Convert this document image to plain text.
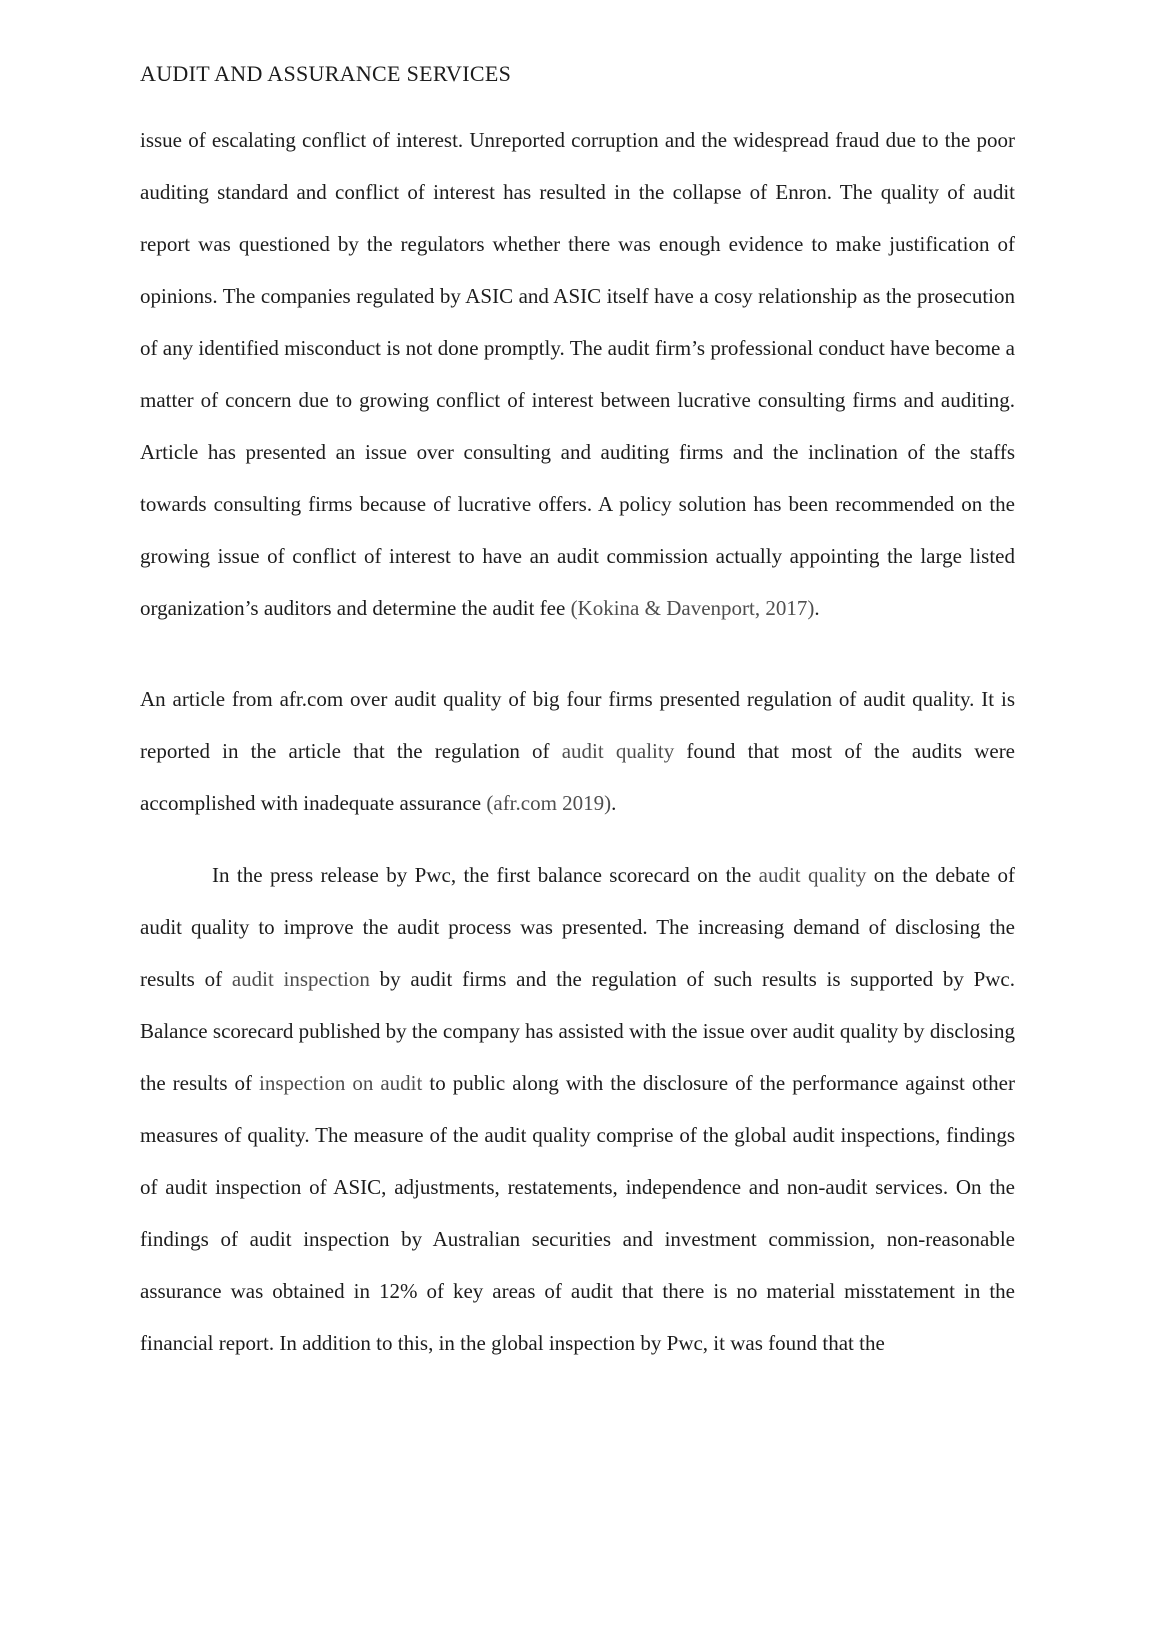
AUDIT AND ASSURANCE SERVICES

issue of escalating conflict of interest. Unreported corruption and the widespread fraud due to the poor auditing standard and conflict of interest has resulted in the collapse of Enron. The quality of audit report was questioned by the regulators whether there was enough evidence to make justification of opinions. The companies regulated by ASIC and ASIC itself have a cosy relationship as the prosecution of any identified misconduct is not done promptly. The audit firm’s professional conduct have become a matter of concern due to growing conflict of interest between lucrative consulting firms and auditing. Article has presented an issue over consulting and auditing firms and the inclination of the staffs towards consulting firms because of lucrative offers. A policy solution has been recommended on the growing issue of conflict of interest to have an audit commission actually appointing the large listed organization’s auditors and determine the audit fee (Kokina & Davenport, 2017).

An article from afr.com over audit quality of big four firms presented regulation of audit quality. It is reported in the article that the regulation of audit quality found that most of the audits were accomplished with inadequate assurance (afr.com 2019).

In the press release by Pwc, the first balance scorecard on the audit quality on the debate of audit quality to improve the audit process was presented. The increasing demand of disclosing the results of audit inspection by audit firms and the regulation of such results is supported by Pwc. Balance scorecard published by the company has assisted with the issue over audit quality by disclosing the results of inspection on audit to public along with the disclosure of the performance against other measures of quality. The measure of the audit quality comprise of the global audit inspections, findings of audit inspection of ASIC, adjustments, restatements, independence and non-audit services. On the findings of audit inspection by Australian securities and investment commission, non-reasonable assurance was obtained in 12% of key areas of audit that there is no material misstatement in the financial report. In addition to this, in the global inspection by Pwc, it was found that the
